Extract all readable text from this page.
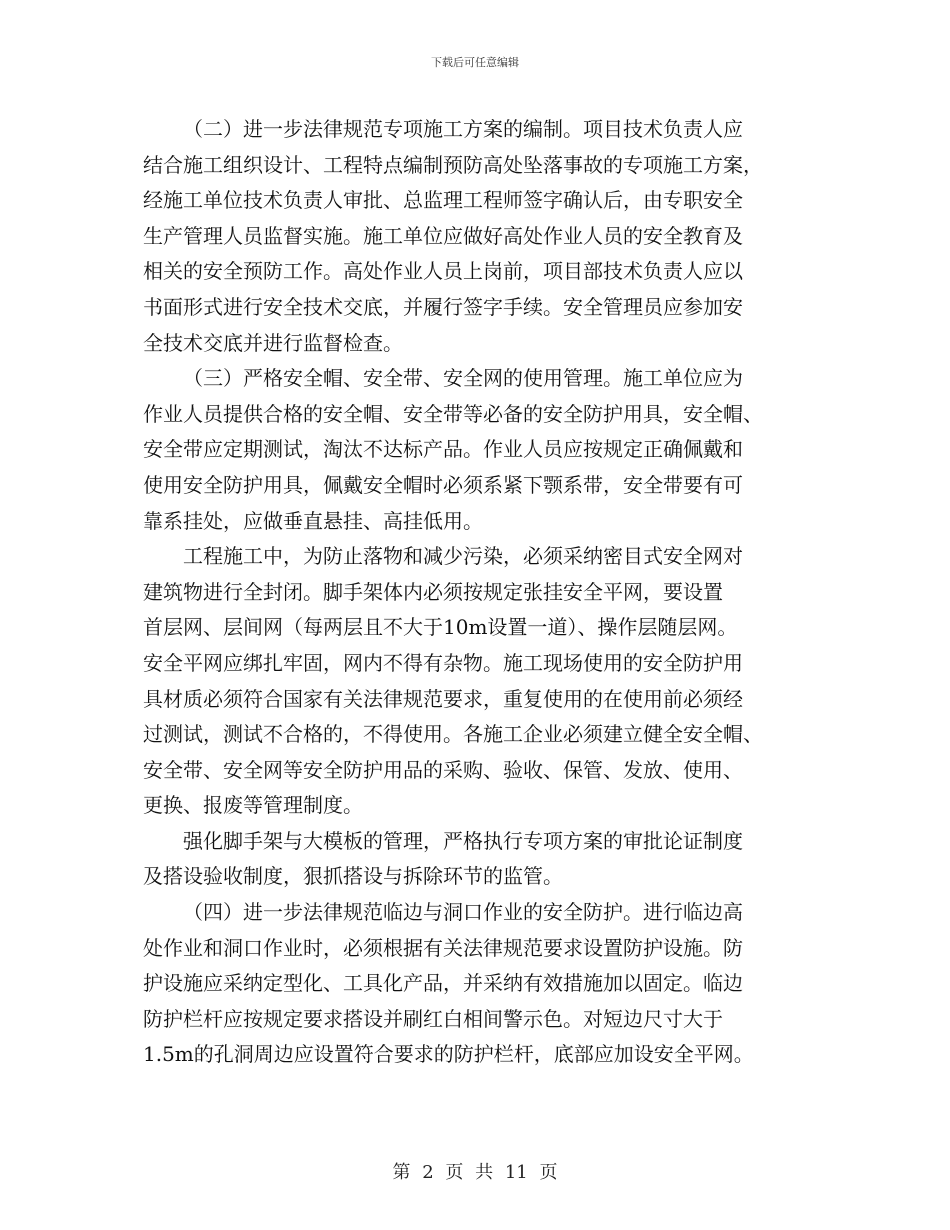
下载后可任意编辑

（二）进一步法律规范专项施工方案的编制。项目技术负责人应
结合施工组织设计、工程特点编制预防高处坠落事故的专项施工方案，
经施工单位技术负责人审批、总监理工程师签字确认后，由专职安全
生产管理人员监督实施。施工单位应做好高处作业人员的安全教育及
相关的安全预防工作。高处作业人员上岗前，项目部技术负责人应以
书面形式进行安全技术交底，并履行签字手续。安全管理员应参加安
全技术交底并进行监督检查。

（三）严格安全帽、安全带、安全网的使用管理。施工单位应为
作业人员提供合格的安全帽、安全带等必备的安全防护用具，安全帽、
安全带应定期测试，淘汰不达标产品。作业人员应按规定正确佩戴和
使用安全防护用具，佩戴安全帽时必须系紧下颚系带，安全带要有可
靠系挂处，应做垂直悬挂、高挂低用。

工程施工中，为防止落物和减少污染，必须采纳密目式安全网对
建筑物进行全封闭。脚手架体内必须按规定张挂安全平网，要设置
首层网、层间网（每两层且不大于10m设置一道）、操作层随层网。
安全平网应绑扎牢固，网内不得有杂物。施工现场使用的安全防护用
具材质必须符合国家有关法律规范要求，重复使用的在使用前必须经
过测试，测试不合格的，不得使用。各施工企业必须建立健全安全帽、
安全带、安全网等安全防护用品的采购、验收、保管、发放、使用、
更换、报废等管理制度。

强化脚手架与大模板的管理，严格执行专项方案的审批论证制度
及搭设验收制度，狠抓搭设与拆除环节的监管。

（四）进一步法律规范临边与洞口作业的安全防护。进行临边高
处作业和洞口作业时，必须根据有关法律规范要求设置防护设施。防
护设施应采纳定型化、工具化产品，并采纳有效措施加以固定。临边
防护栏杆应按规定要求搭设并刷红白相间警示色。对短边尺寸大于
1.5m的孔洞周边应设置符合要求的防护栏杆，底部应加设安全平网。

第 2 页 共 11 页
